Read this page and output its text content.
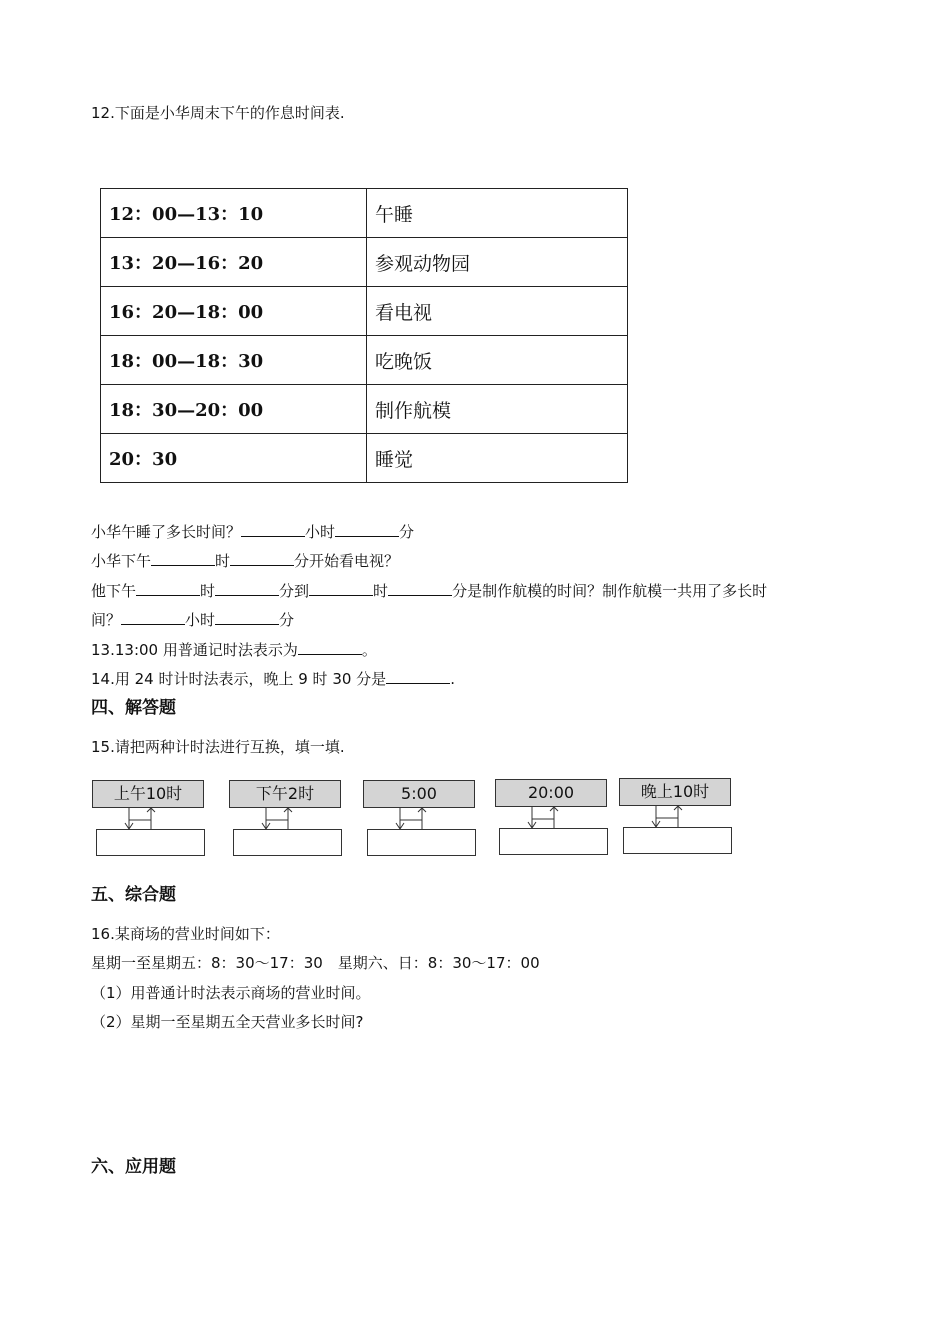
12.下面是小华周末下午的作息时间表.
12：00—13：10	午睡
13：20—16：20	参观动物园
16：20—18：00	看电视
18：00—18：30	吃晚饭
18：30—20：00	制作航模
20：30	睡觉
小华午睡了多长时间？	小时	分
小华下午	时	分开始看电视？
他下午	时	分到	时	分是制作航模的时间？制作航模一共用了多长时
间？	小时	分
13.13:00 用普通记时法表示为	。
14.用 24 时计时法表示，晚上 9 时 30 分是	.
四、解答题
15.请把两种计时法进行互换，填一填.
上午10时	下午2时	5:00	20:00	晚上10时
五、综合题
16.某商场的营业时间如下：
星期一至星期五：8：30～17：30　星期六、日：8：30～17：00
（1）用普通计时法表示商场的营业时间。
（2）星期一至星期五全天营业多长时间?
六、应用题
